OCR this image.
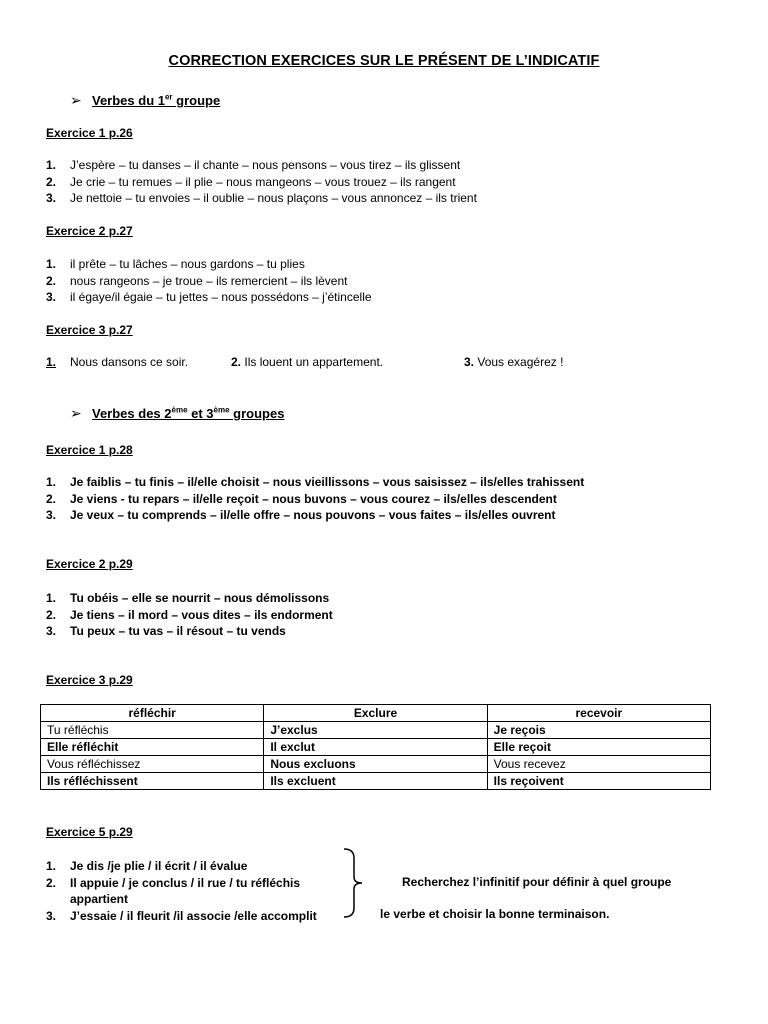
CORRECTION EXERCICES SUR LE PRÉSENT DE L’INDICATIF
➢ Verbes du 1er groupe
Exercice 1 p.26
1. J’espère – tu danses – il chante – nous pensons – vous tirez – ils glissent
2. Je crie – tu remues – il plie – nous mangeons – vous trouez – ils rangent
3. Je nettoie – tu envoies – il oublie – nous plaçons – vous annoncez – ils trient
Exercice 2 p.27
1. il prête – tu lâches – nous gardons – tu plies
2. nous rangeons – je troue – ils remercient – ils lèvent
3. il égaye/il égaie – tu jettes – nous possédons – j’étincelle
Exercice 3 p.27
1. Nous dansons ce soir.	2. Ils louent un appartement.	3. Vous exagérez !
➢ Verbes des 2ème et 3ème groupes
Exercice 1 p.28
1. Je faiblis – tu finis – il/elle choisit – nous vieillissons – vous saisissez – ils/elles trahissent
2. Je viens - tu repars – il/elle reçoit – nous buvons – vous courez – ils/elles descendent
3. Je veux – tu comprends – il/elle offre – nous pouvons – vous faites – ils/elles ouvrent
Exercice 2 p.29
1. Tu obéis – elle se nourrit – nous démolissons
2. Je tiens – il mord – vous dites – ils endorment
3. Tu peux – tu vas – il résout – tu vends
Exercice 3 p.29
réfléchir	Exclure	recevoir
Tu réfléchis	J’exclus	Je reçois
Elle réfléchit	Il exclut	Elle reçoit
Vous réfléchissez	Nous excluons	Vous recevez
Ils réfléchissent	Ils excluent	Ils reçoivent
Exercice 5 p.29
1. Je dis /je plie / il écrit / il évalue
2. Il appuie / je conclus / il rue / tu réfléchis
appartient
3. J’essaie / il fleurit /il associe /elle accomplit
Recherchez l’infinitif pour définir à quel groupe
le verbe et choisir la bonne terminaison.
